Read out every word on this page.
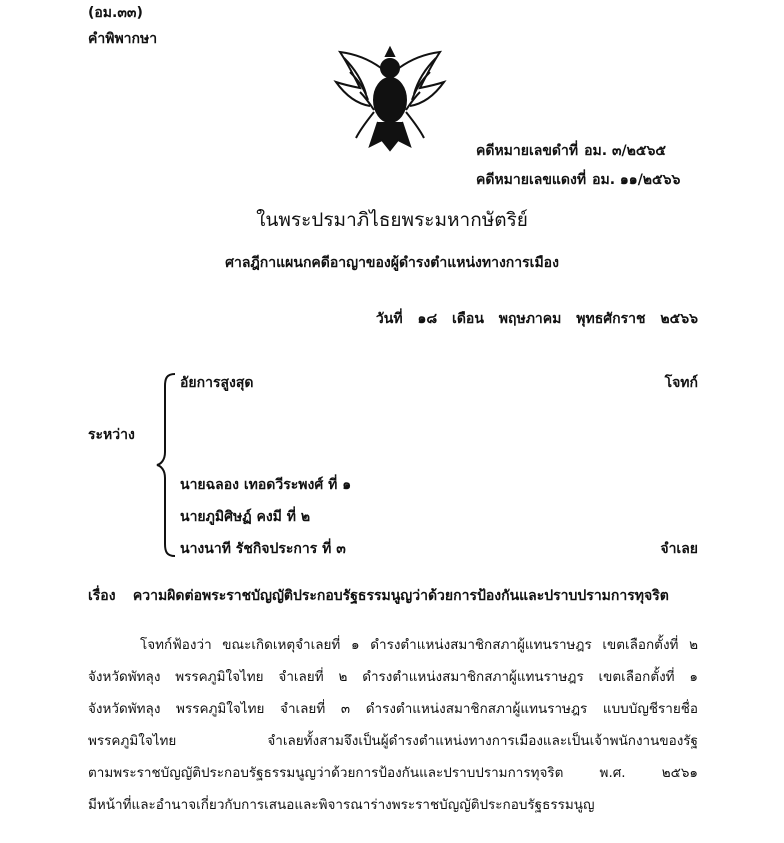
(อม.๓๓)
คำพิพากษา
คดีหมายเลขดำที่ อม. ๓/๒๕๖๕
คดีหมายเลขแดงที่ อม. ๑๑/๒๕๖๖
ในพระปรมาภิไธยพระมหากษัตริย์
ศาลฎีกาแผนกคดีอาญาของผู้ดำรงตำแหน่งทางการเมือง
วันที่ ๑๘ เดือน พฤษภาคม พุทธศักราช ๒๕๖๖
ระหว่าง
อัยการสูงสุด	โจทก์
นายฉลอง เทอดวีระพงศ์ ที่ ๑
นายภูมิศิษฏ์ คงมี ที่ ๒
นางนาที รัชกิจประการ ที่ ๓	จำเลย
เรื่อง ความผิดต่อพระราชบัญญัติประกอบรัฐธรรมนูญว่าด้วยการป้องกันและปราบปรามการทุจริต
โจทก์ฟ้องว่า ขณะเกิดเหตุจำเลยที่ ๑ ดำรงตำแหน่งสมาชิกสภาผู้แทนราษฎร เขตเลือกตั้งที่ ๒
จังหวัดพัทลุง พรรคภูมิใจไทย จำเลยที่ ๒ ดำรงตำแหน่งสมาชิกสภาผู้แทนราษฎร เขตเลือกตั้งที่ ๑
จังหวัดพัทลุง พรรคภูมิใจไทย จำเลยที่ ๓ ดำรงตำแหน่งสมาชิกสภาผู้แทนราษฎร แบบบัญชีรายชื่อ
พรรคภูมิใจไทย จำเลยทั้งสามจึงเป็นผู้ดำรงตำแหน่งทางการเมืองและเป็นเจ้าพนักงานของรัฐ
ตามพระราชบัญญัติประกอบรัฐธรรมนูญว่าด้วยการป้องกันและปราบปรามการทุจริต พ.ศ. ๒๕๖๑
มีหน้าที่และอำนาจเกี่ยวกับการเสนอและพิจารณาร่างพระราชบัญญัติประกอบรัฐธรรมนูญ
